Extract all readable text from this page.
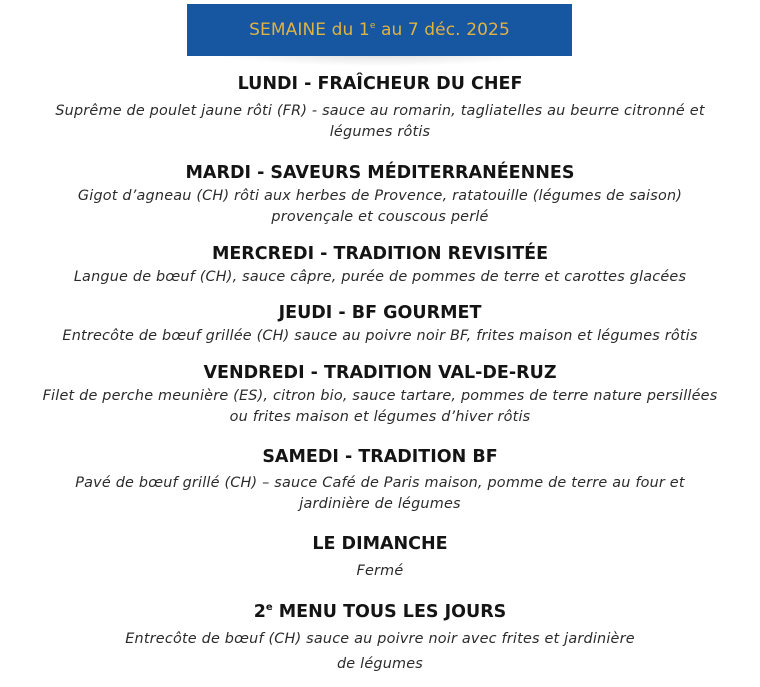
SEMAINE du 1e au 7 déc. 2025
LUNDI - FRAÎCHEUR DU CHEF
Suprême de poulet jaune rôti (FR) - sauce au romarin, tagliatelles au beurre citronné et légumes rôtis
MARDI - SAVEURS MÉDITERRANÉENNES
Gigot d’agneau (CH) rôti aux herbes de Provence, ratatouille (légumes de saison) provençale et couscous perlé
MERCREDI - TRADITION REVISITÉE
Langue de bœuf (CH), sauce câpre, purée de pommes de terre et carottes glacées
JEUDI - BF GOURMET
Entrecôte de bœuf grillée (CH) sauce au poivre noir BF, frites maison et légumes rôtis
VENDREDI - TRADITION VAL-DE-RUZ
Filet de perche meunière (ES), citron bio, sauce tartare, pommes de terre nature persillées ou frites maison et légumes d’hiver rôtis
SAMEDI - TRADITION BF
Pavé de bœuf grillé (CH) – sauce Café de Paris maison, pomme de terre au four et jardinière de légumes
LE DIMANCHE
Fermé
2e MENU TOUS LES JOURS
Entrecôte de bœuf (CH) sauce au poivre noir avec frites et jardinière
de légumes
